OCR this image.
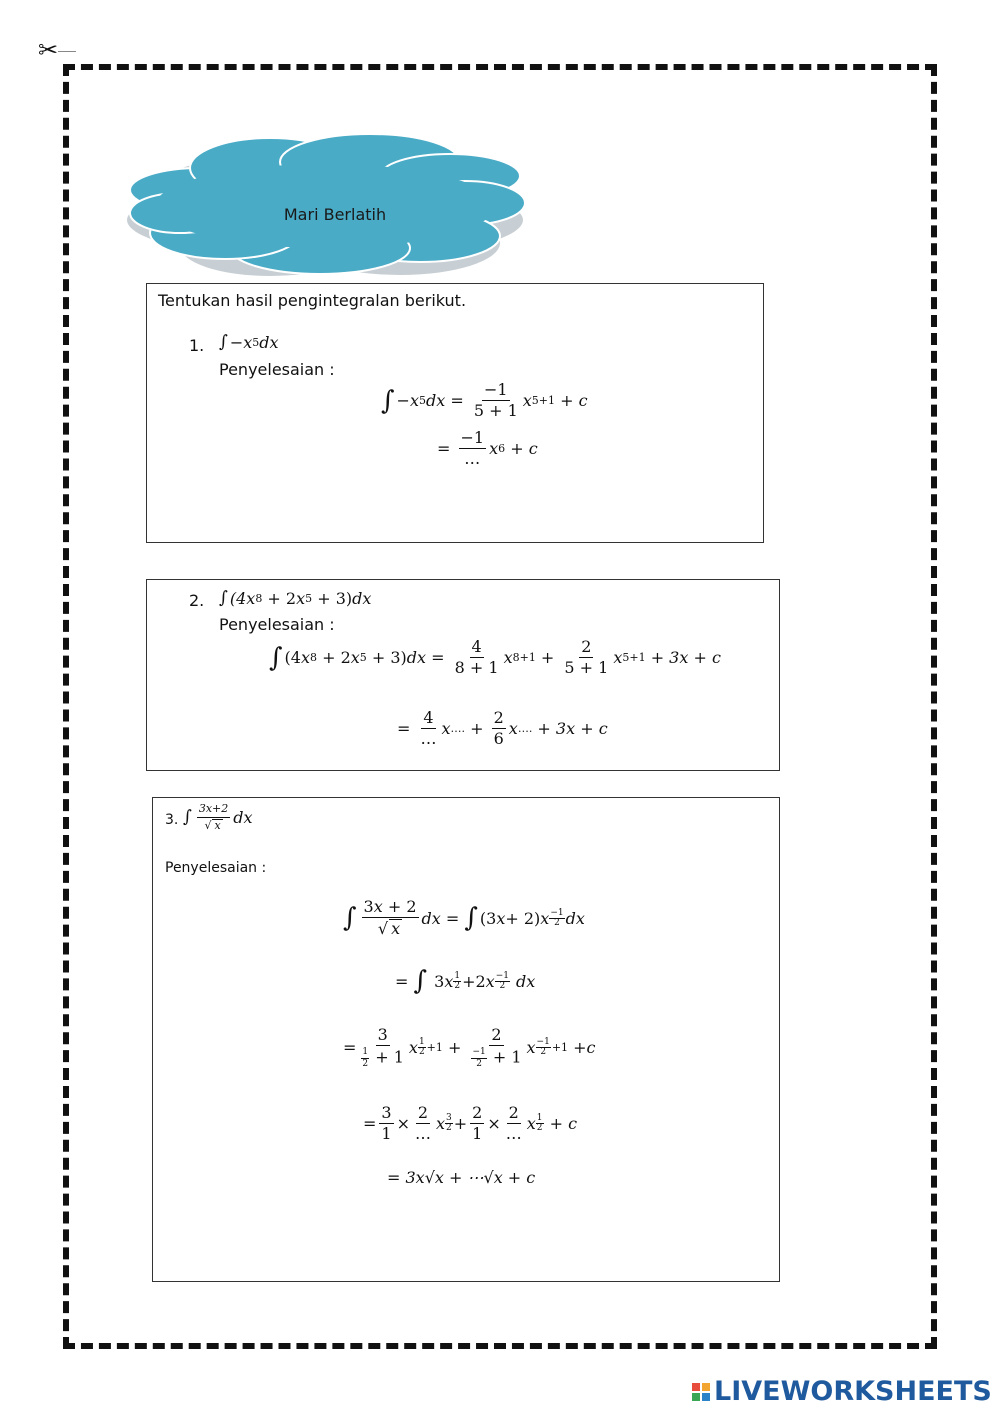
✂
Mari Berlatih
Tentukan hasil pengintegralan berikut.
1. ∫ − x 5 dx
Penyelesaian :
∫ − x 5 dx = $\frac{-1}{5 + 1}$ x 5+1
+ c
= $\frac{-1}{\dots}$ x 6
+ c
2. ∫ (4x 8 + 2 x 5 + 3) dx
Penyelesaian :
∫ (4 x 8 + 2 x 5 + 3) dx = $\frac{4}{8 + 1}$ x $8+1 + \frac{2}{5 + 1}$ x 5+1
+ 3x + c
= $\frac{4}{\dots}$ x …. + $\frac{2}{6}$ x ….
+ 3x + c
3. ∫ $\frac{3x+2}{√ x}$ dx
Penyelesaian :
∫ $\frac{3x + 2}{√ x}$ dx = ∫ (3 x + 2) x −1
2 dx
= ∫ 3 x 1
2 +2 x −1
2 dx
= $\frac{3}{\frac{1}{2} + 1}$ x 1
$2 +1 + \frac{2}{\frac{-1}{2} + 1}$ x −1
2 +1 + c
= $\frac{3}{1} \times \frac{2}{\dots}$ x 3
$2 + \frac{2}{1} \times \frac{2}{\dots}$ x 1
2
+ c
= 3x√x + ⋯√x + c
LIVEWORKSHEETS
